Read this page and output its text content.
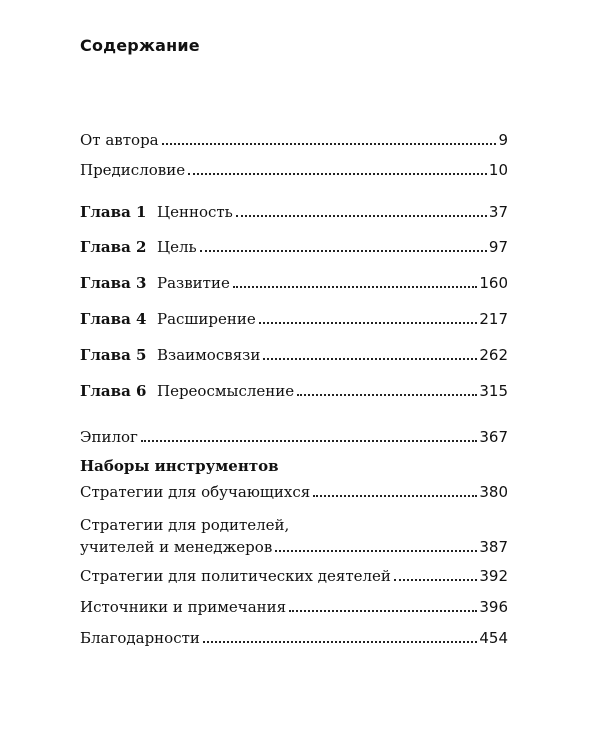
Содержание
От автора	9
Предисловие	10
Глава 1 Ценность	37
Глава 2 Цель	97
Глава 3 Развитие	160
Глава 4 Расширение	217
Глава 5 Взаимосвязи	262
Глава 6 Переосмысление	315
Эпилог	367
Наборы инструментов
Стратегии для обучающихся	380
Стратегии для родителей,
учителей и менеджеров	387
Стратегии для политических деятелей	392
Источники и примечания	396
Благодарности	454
